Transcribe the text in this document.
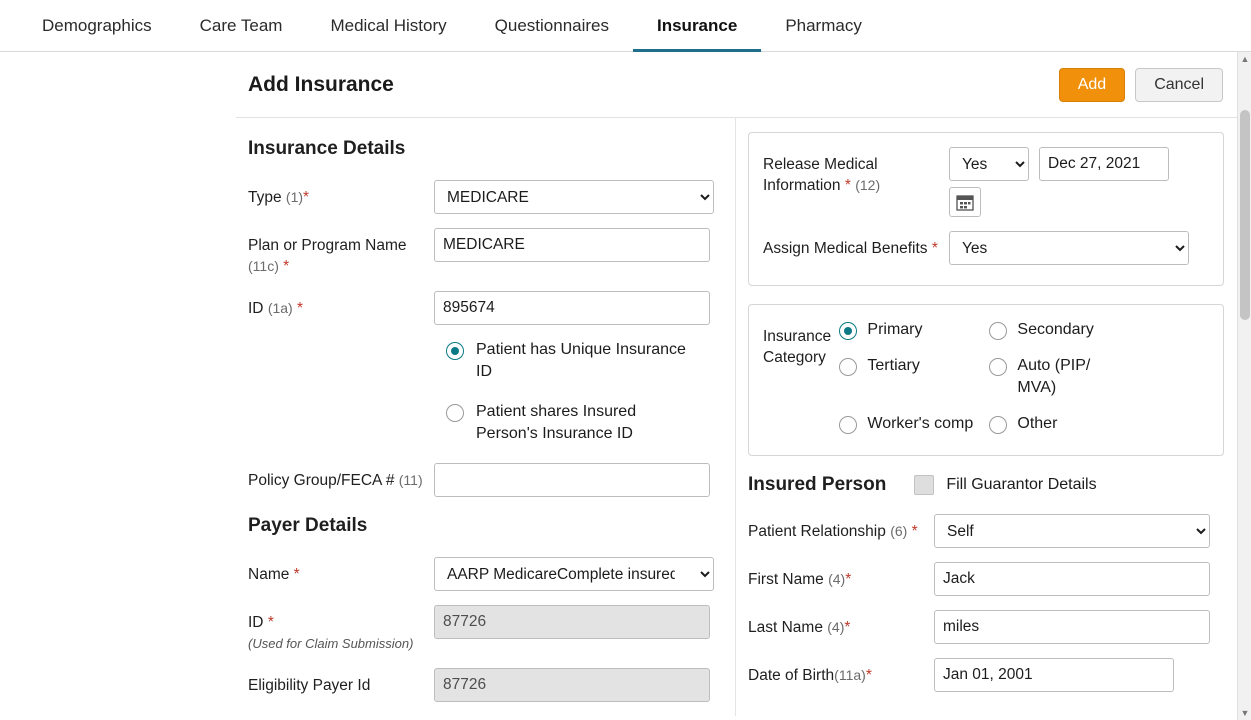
Demographics	Care Team	Medical History	Questionnaires	Insurance	Pharmacy
Add Insurance	Add	Cancel
Insurance Details
Type (1)*
MEDICARE
Plan or Program Name (11c) *
MEDICARE
ID (1a) *
895674
Patient has Unique Insurance ID
Patient shares Insured Person's Insurance ID
Policy Group/FECA # (11)
Payer Details
Name *
AARP MedicareComplete insured th
ID *
(Used for Claim Submission)
87726
Eligibility Payer Id
87726
Release Medical Information * (12)
Yes
Dec 27, 2021
Assign Medical Benefits *
Yes
Insurance Category
Primary	Secondary
Tertiary	Auto (PIP/ MVA)
Worker's comp	Other
Insured Person	Fill Guarantor Details
Patient Relationship (6) *
Self
First Name (4)*
Jack
Last Name (4)*
miles
Date of Birth(11a)*
Jan 01, 2001
▲
▼
